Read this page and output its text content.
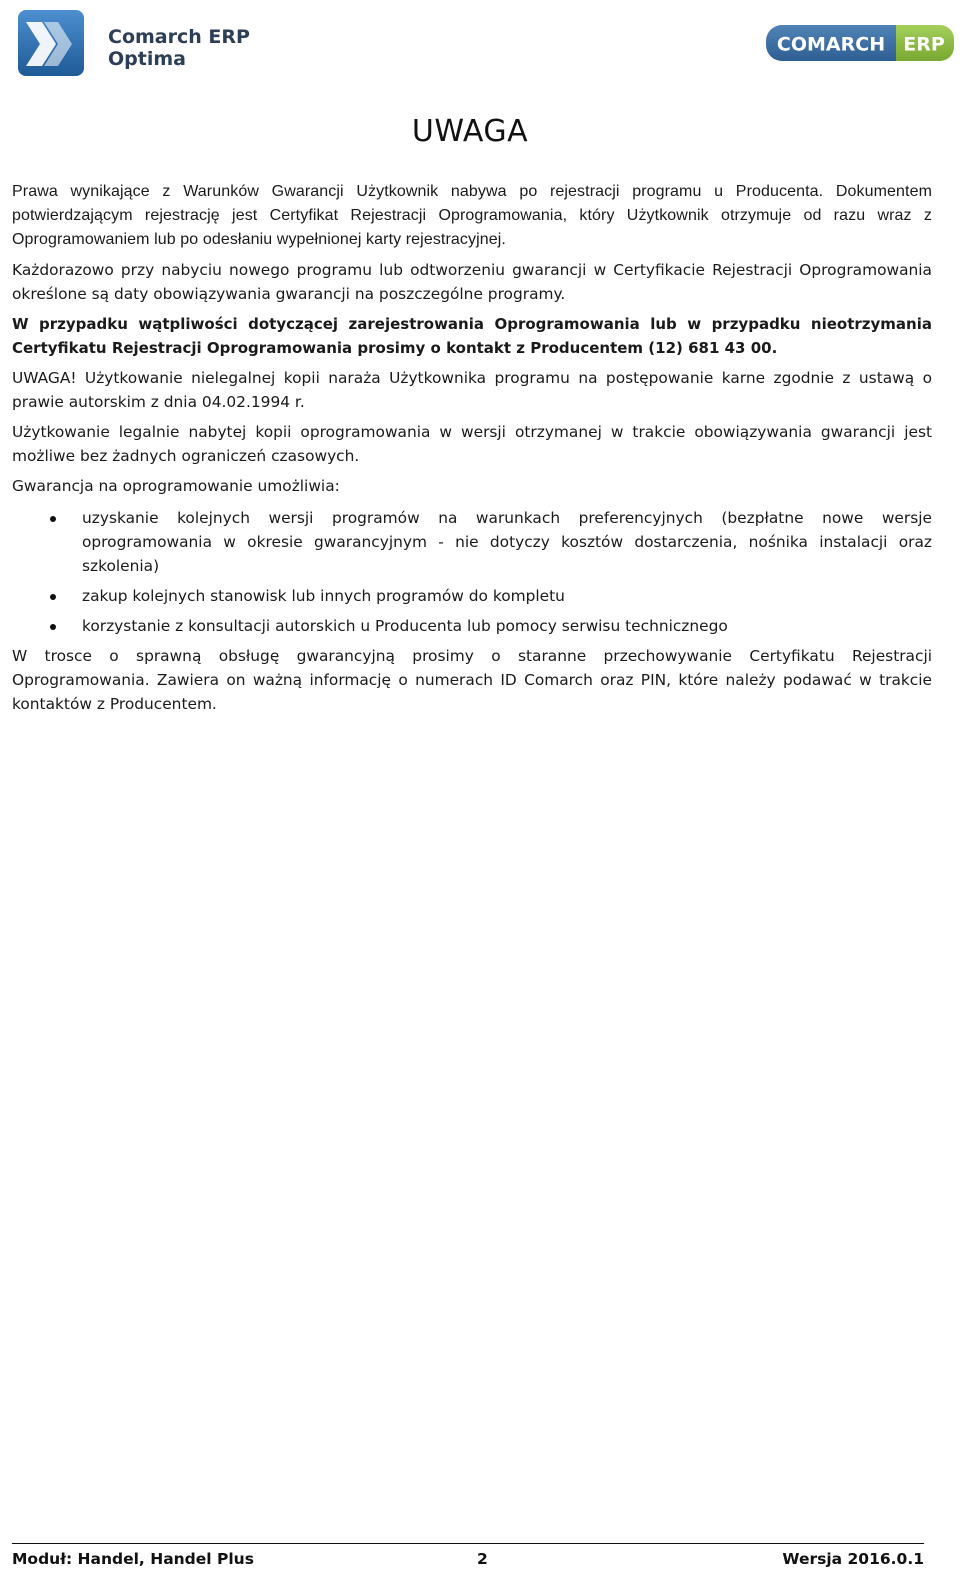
Comarch ERP
Optima
COMARCH ERP
UWAGA

Prawa wynikające z Warunków Gwarancji Użytkownik nabywa po rejestracji programu u Producenta. Dokumentem potwierdzającym rejestrację jest Certyfikat Rejestracji Oprogramowania, który Użytkownik otrzymuje od razu wraz z Oprogramowaniem lub po odesłaniu wypełnionej karty rejestracyjnej.

Każdorazowo przy nabyciu nowego programu lub odtworzeniu gwarancji w Certyfikacie Rejestracji Oprogramowania określone są daty obowiązywania gwarancji na poszczególne programy.

W przypadku wątpliwości dotyczącej zarejestrowania Oprogramowania lub w przypadku nieotrzymania Certyfikatu Rejestracji Oprogramowania prosimy o kontakt z Producentem (12) 681 43 00.

UWAGA! Użytkowanie nielegalnej kopii naraża Użytkownika programu na postępowanie karne zgodnie z ustawą o prawie autorskim z dnia 04.02.1994 r.

Użytkowanie legalnie nabytej kopii oprogramowania w wersji otrzymanej w trakcie obowiązywania gwarancji jest możliwe bez żadnych ograniczeń czasowych.

Gwarancja na oprogramowanie umożliwia:

uzyskanie kolejnych wersji programów na warunkach preferencyjnych (bezpłatne nowe wersje oprogramowania w okresie gwarancyjnym - nie dotyczy kosztów dostarczenia, nośnika instalacji oraz szkolenia)
zakup kolejnych stanowisk lub innych programów do kompletu
korzystanie z konsultacji autorskich u Producenta lub pomocy serwisu technicznego

W trosce o sprawną obsługę gwarancyjną prosimy o staranne przechowywanie Certyfikatu Rejestracji Oprogramowania. Zawiera on ważną informację o numerach ID Comarch oraz PIN, które należy podawać w trakcie kontaktów z Producentem.

Moduł: Handel, Handel Plus	2	Wersja 2016.0.1
